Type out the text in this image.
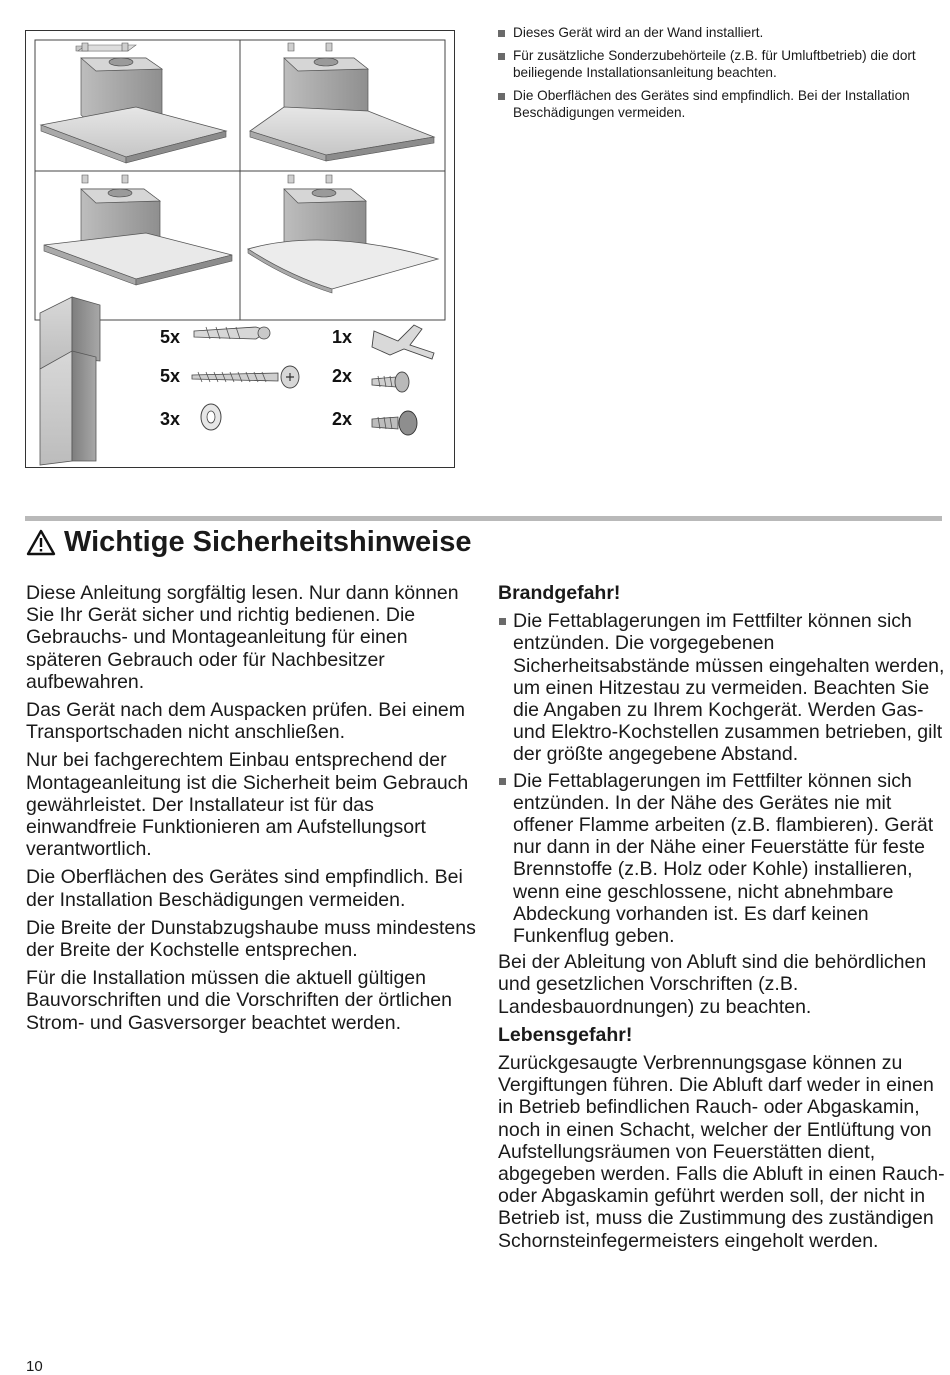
5x
5x
3x
1x
2x
2x
Dieses Gerät wird an der Wand installiert.
Für zusätzliche Sonderzubehörteile (z.B. für Umluftbetrieb) die dort beiliegende Installationsanleitung beachten.
Die Oberflächen des Gerätes sind empfindlich. Bei der Installation Beschädigungen vermeiden.
Wichtige Sicherheitshinweise

Diese Anleitung sorgfältig lesen. Nur dann können Sie Ihr Gerät sicher und richtig bedienen. Die Gebrauchs- und Montageanleitung für einen späteren Gebrauch oder für Nachbesitzer aufbewahren.

Das Gerät nach dem Auspacken prüfen. Bei einem Transportschaden nicht anschließen.

Nur bei fachgerechtem Einbau entsprechend der Montageanleitung ist die Sicherheit beim Gebrauch gewährleistet. Der Installateur ist für das einwandfreie Funktionieren am Aufstellungsort verantwortlich.

Die Oberflächen des Gerätes sind empfindlich. Bei der Installation Beschädigungen vermeiden.

Die Breite der Dunstabzugshaube muss mindestens der Breite der Kochstelle entsprechen.

Für die Installation müssen die aktuell gültigen Bauvorschriften und die Vorschriften der örtlichen Strom- und Gasversorger beachtet werden.

Brandgefahr!

Die Fettablagerungen im Fettfilter können sich entzünden. Die vorgegebenen Sicherheitsabstände müssen eingehalten werden, um einen Hitzestau zu vermeiden. Beachten Sie die Angaben zu Ihrem Kochgerät. Werden Gas- und Elektro-Kochstellen zusammen betrieben, gilt der größte angegebene Abstand.
Die Fettablagerungen im Fettfilter können sich entzünden. In der Nähe des Gerätes nie mit offener Flamme arbeiten (z.B. flambieren). Gerät nur dann in der Nähe einer Feuerstätte für feste Brennstoffe (z.B. Holz oder Kohle) installieren, wenn eine geschlossene, nicht abnehmbare Abdeckung vorhanden ist. Es darf keinen Funkenflug geben.

Bei der Ableitung von Abluft sind die behördlichen und gesetzlichen Vorschriften (z.B. Landesbauordnungen) zu beachten.

Lebensgefahr!

Zurückgesaugte Verbrennungsgase können zu Vergiftungen führen. Die Abluft darf weder in einen in Betrieb befindlichen Rauch- oder Abgaskamin, noch in einen Schacht, welcher der Entlüftung von Aufstellungsräumen von Feuerstätten dient, abgegeben werden. Falls die Abluft in einen Rauch- oder Abgaskamin geführt werden soll, der nicht in Betrieb ist, muss die Zustimmung des zuständigen Schornsteinfegermeisters eingeholt werden.

10
